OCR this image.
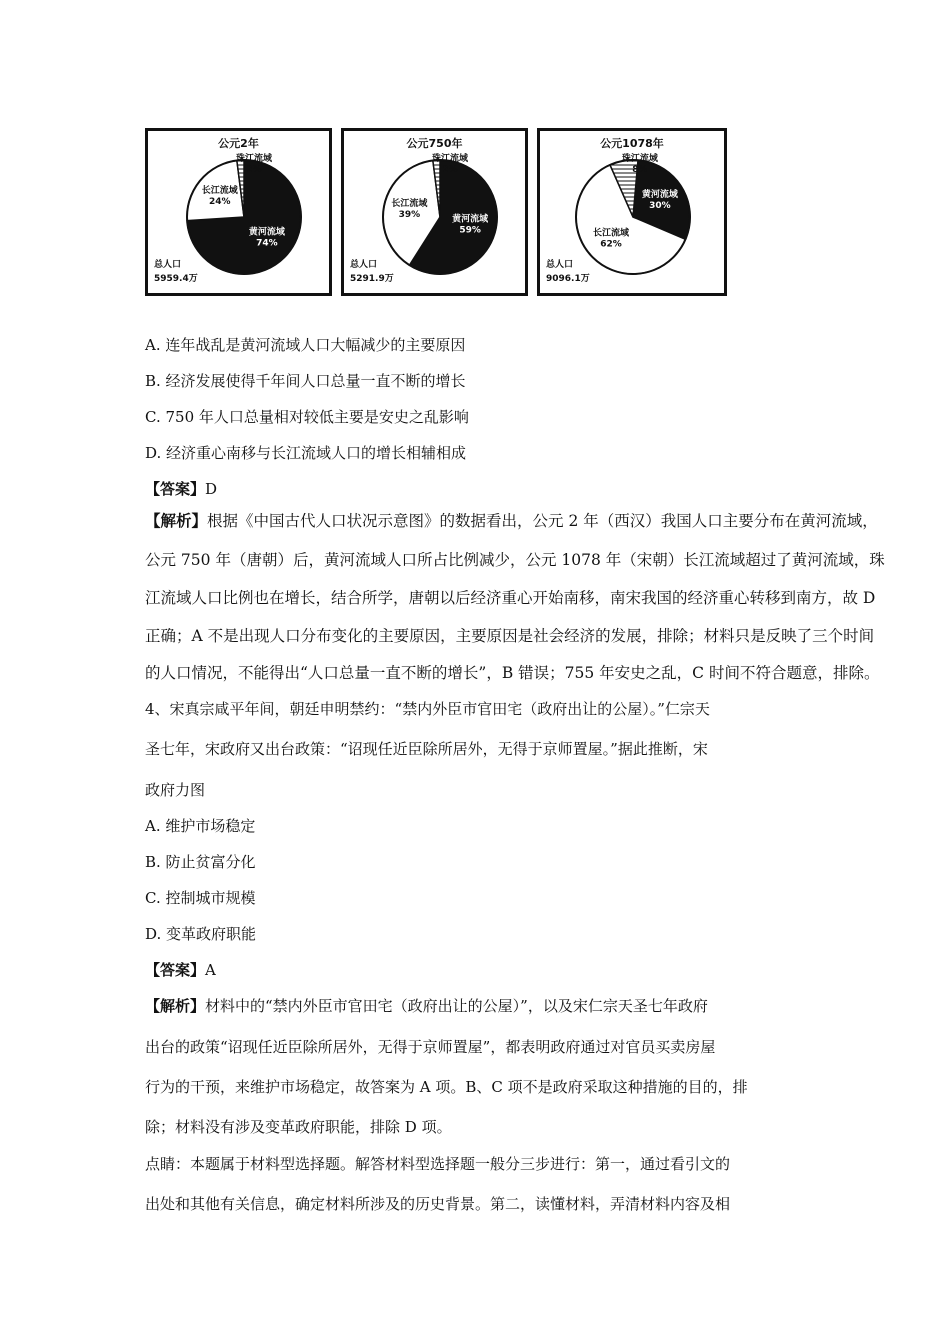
公元2年
黄河流域
74%
长江流域
24%
珠江流域
2%
总人口
5959.4万
公元750年
黄河流域
59%
长江流域
39%
珠江流域
2%
总人口
5291.9万
公元1078年
黄河流域
30%
长江流域
62%
珠江流域
8%
总人口
9096.1万
A. 连年战乱是黄河流域人口大幅减少的主要原因
B. 经济发展使得千年间人口总量一直不断的增长
C. 750 年人口总量相对较低主要是安史之乱影响
D. 经济重心南移与长江流域人口的增长相辅相成
【答案】D
【解析】根据《中国古代人口状况示意图》的数据看出，公元 2 年（西汉）我国人口主要分布在黄河流域，
公元 750 年（唐朝）后，黄河流域人口所占比例减少，公元 1078 年（宋朝）长江流域超过了黄河流域，珠
江流域人口比例也在增长，结合所学，唐朝以后经济重心开始南移，南宋我国的经济重心转移到南方，故 D
正确；A 不是出现人口分布变化的主要原因，主要原因是社会经济的发展，排除；材料只是反映了三个时间
的人口情况，不能得出“人口总量一直不断的增长”，B 错误；755 年安史之乱，C 时间不符合题意，排除。
4、宋真宗咸平年间，朝廷申明禁约：“禁内外臣市官田宅（政府出让的公屋）。”仁宗天
圣七年，宋政府又出台政策：“诏现任近臣除所居外，无得于京师置屋。”据此推断，宋
政府力图
A. 维护市场稳定
B. 防止贫富分化
C. 控制城市规模
D. 变革政府职能
【答案】A
【解析】材料中的“禁内外臣市官田宅（政府出让的公屋）”，以及宋仁宗天圣七年政府
出台的政策“诏现任近臣除所居外，无得于京师置屋”，都表明政府通过对官员买卖房屋
行为的干预，来维护市场稳定，故答案为 A 项。B、C 项不是政府采取这种措施的目的，排
除；材料没有涉及变革政府职能，排除 D 项。
点睛：本题属于材料型选择题。解答材料型选择题一般分三步进行：第一，通过看引文的
出处和其他有关信息，确定材料所涉及的历史背景。第二，读懂材料，弄清材料内容及相
